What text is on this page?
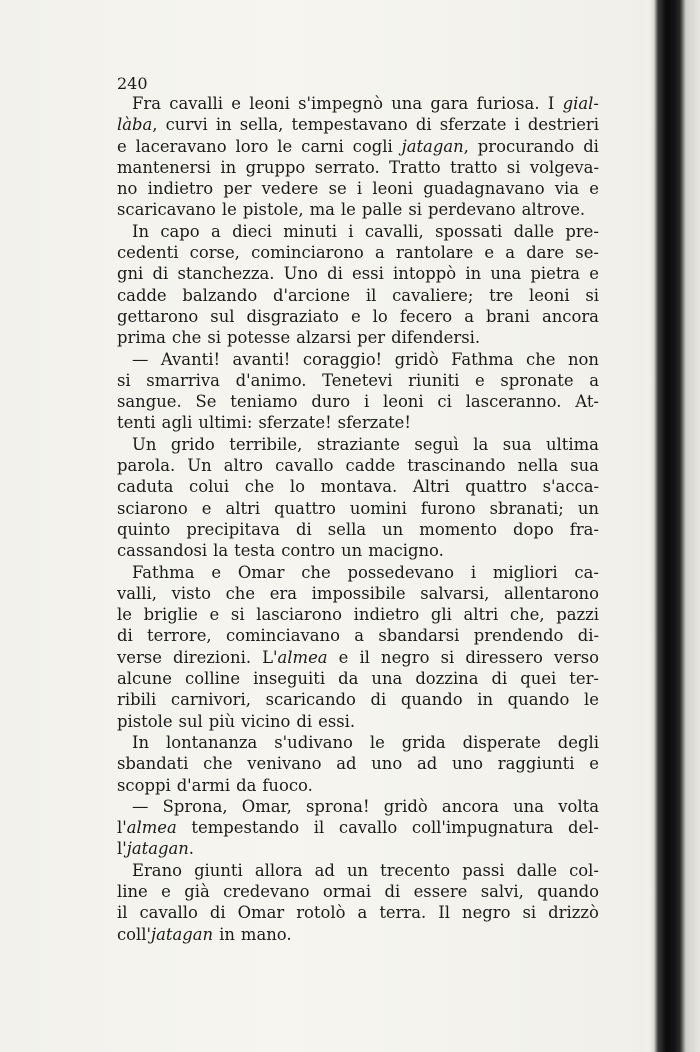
240
Fra cavalli e leoni s'impegnò una gara furiosa. I gial-
làba, curvi in sella, tempestavano di sferzate i destrieri
e laceravano loro le carni cogli jatagan, procurando di
mantenersi in gruppo serrato. Tratto tratto si volgeva-
no indietro per vedere se i leoni guadagnavano via e
scaricavano le pistole, ma le palle si perdevano altrove.
In capo a dieci minuti i cavalli, spossati dalle pre-
cedenti corse, cominciarono a rantolare e a dare se-
gni di stanchezza. Uno di essi intoppò in una pietra e
cadde balzando d'arcione il cavaliere; tre leoni si
gettarono sul disgraziato e lo fecero a brani ancora
prima che si potesse alzarsi per difendersi.
— Avanti! avanti! coraggio! gridò Fathma che non
si smarriva d'animo. Tenetevi riuniti e spronate a
sangue. Se teniamo duro i leoni ci lasceranno. At-
tenti agli ultimi: sferzate! sferzate!
Un grido terribile, straziante seguì la sua ultima
parola. Un altro cavallo cadde trascinando nella sua
caduta colui che lo montava. Altri quattro s'acca-
sciarono e altri quattro uomini furono sbranati; un
quinto precipitava di sella un momento dopo fra-
cassandosi la testa contro un macigno.
Fathma e Omar che possedevano i migliori ca-
valli, visto che era impossibile salvarsi, allentarono
le briglie e si lasciarono indietro gli altri che, pazzi
di terrore, cominciavano a sbandarsi prendendo di-
verse direzioni. L'almea e il negro si diressero verso
alcune colline inseguiti da una dozzina di quei ter-
ribili carnivori, scaricando di quando in quando le
pistole sul più vicino di essi.
In lontananza s'udivano le grida disperate degli
sbandati che venivano ad uno ad uno raggiunti e
scoppi d'armi da fuoco.
— Sprona, Omar, sprona! gridò ancora una volta
l'almea tempestando il cavallo coll'impugnatura del-
l'jatagan.
Erano giunti allora ad un trecento passi dalle col-
line e già credevano ormai di essere salvi, quando
il cavallo di Omar rotolò a terra. Il negro si drizzò
coll'jatagan in mano.
